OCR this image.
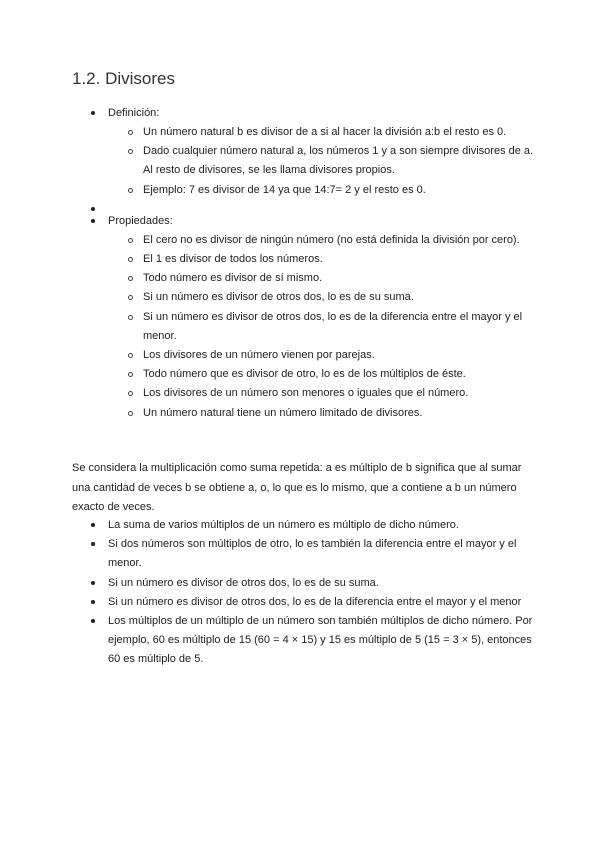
1.2. Divisores
Definición:
Un número natural b es divisor de a si al hacer la división a:b el resto es 0.
Dado cualquier número natural a, los números 1 y a son siempre divisores de a. Al resto de divisores, se les llama divisores propios.
Ejemplo: 7 es divisor de 14 ya que 14:7= 2 y el resto es 0.
Propiedades:
El cero no es divisor de ningún número (no está definida la división por cero).
El 1 es divisor de todos los números.
Todo número es divisor de sí mismo.
Si un número es divisor de otros dos, lo es de su suma.
Si un número es divisor de otros dos, lo es de la diferencia entre el mayor y el menor.
Los divisores de un número vienen por parejas.
Todo número que es divisor de otro, lo es de los múltiplos de éste.
Los divisores de un número son menores o iguales que el número.
Un número natural tiene un número limitado de divisores.

Se considera la multiplicación como suma repetida: a es múltiplo de b significa que al sumar una cantidad de veces b se obtiene a, o, lo que es lo mismo, que a contiene a b un número exacto de veces.

La suma de varios múltiplos de un número es múltiplo de dicho número.
Si dos números son múltiplos de otro, lo es también la diferencia entre el mayor y el menor.
Si un número es divisor de otros dos, lo es de su suma.
Si un número es divisor de otros dos, lo es de la diferencia entre el mayor y el menor
Los múltiplos de un múltiplo de un número son también múltiplos de dicho número. Por ejemplo, 60 es múltiplo de 15 (60 = 4 × 15) y 15 es múltiplo de 5 (15 = 3 × 5), entonces 60 es múltiplo de 5.
